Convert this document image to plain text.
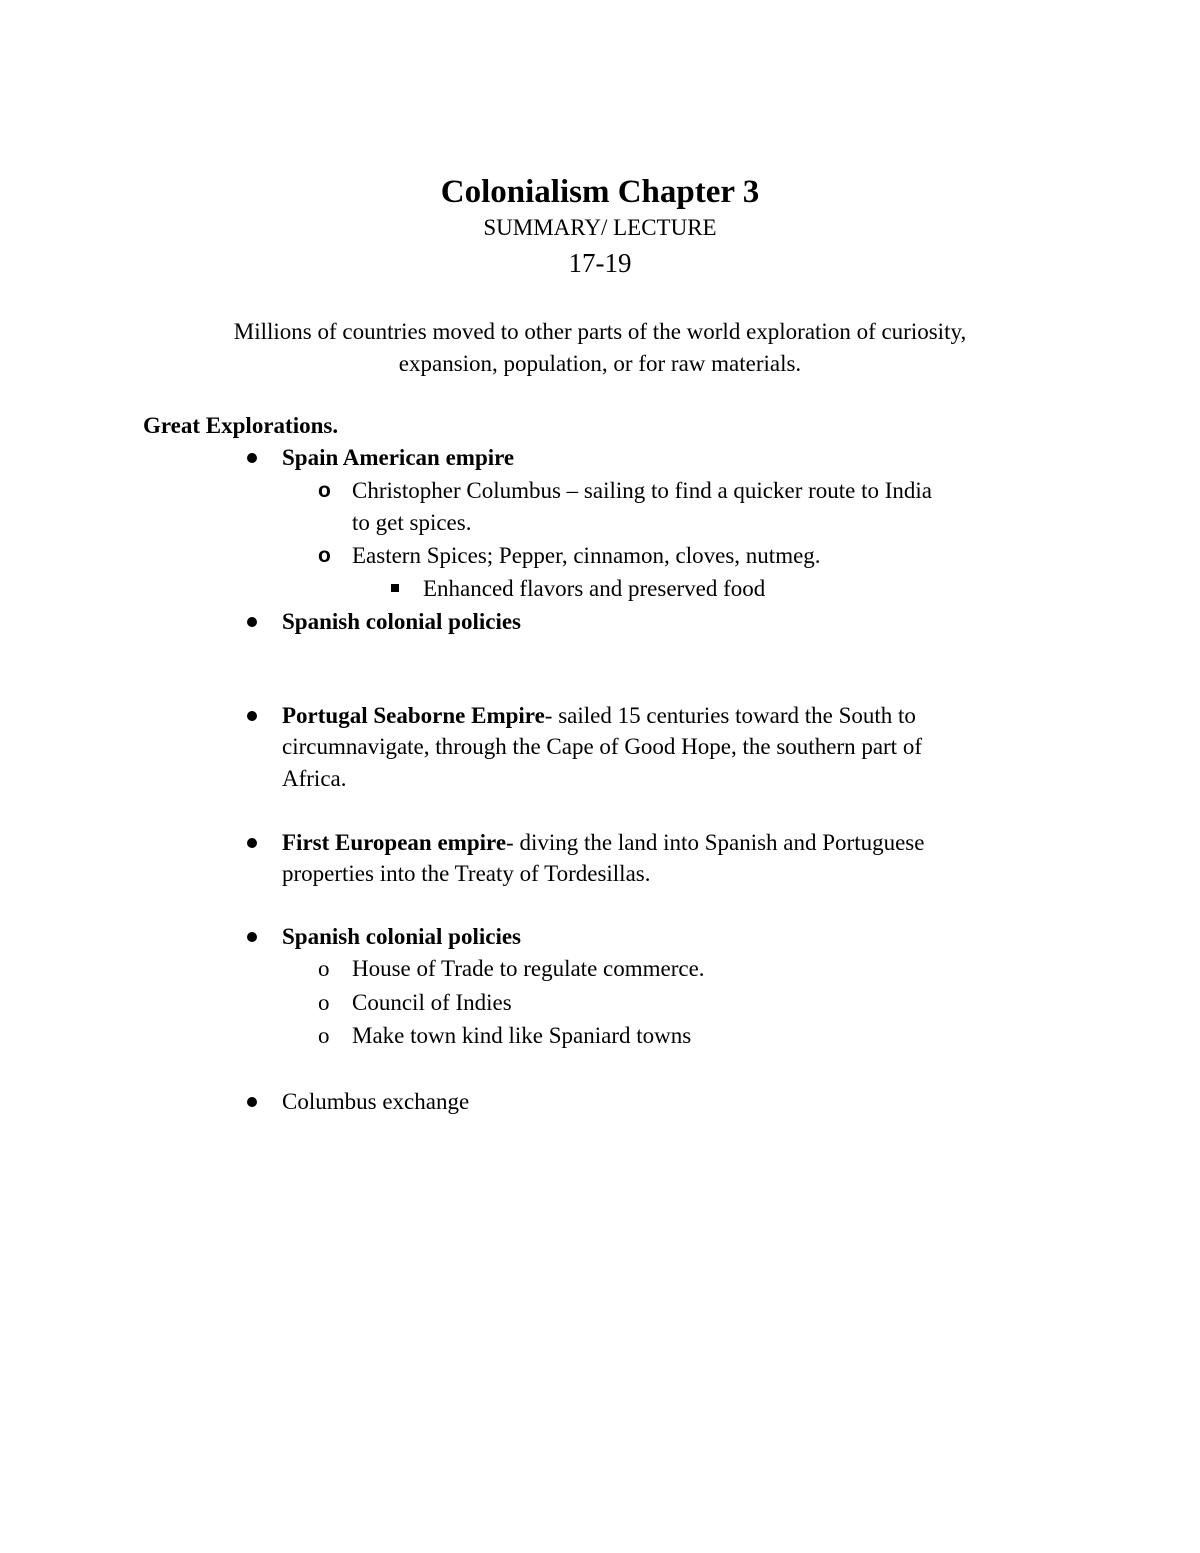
Colonialism Chapter 3
SUMMARY/ LECTURE
17-19
Millions of countries moved to other parts of the world exploration of curiosity,
expansion, population, or for raw materials.
Great Explorations.
Spain American empire
o Christopher Columbus – sailing to find a quicker route to India
to get spices.
o Eastern Spices; Pepper, cinnamon, cloves, nutmeg.
Enhanced flavors and preserved food
Spanish colonial policies
Portugal Seaborne Empire- sailed 15 centuries toward the South to
circumnavigate, through the Cape of Good Hope, the southern part of
Africa.
First European empire- diving the land into Spanish and Portuguese
properties into the Treaty of Tordesillas.
Spanish colonial policies
o House of Trade to regulate commerce.
o Council of Indies
o Make town kind like Spaniard towns
Columbus exchange
